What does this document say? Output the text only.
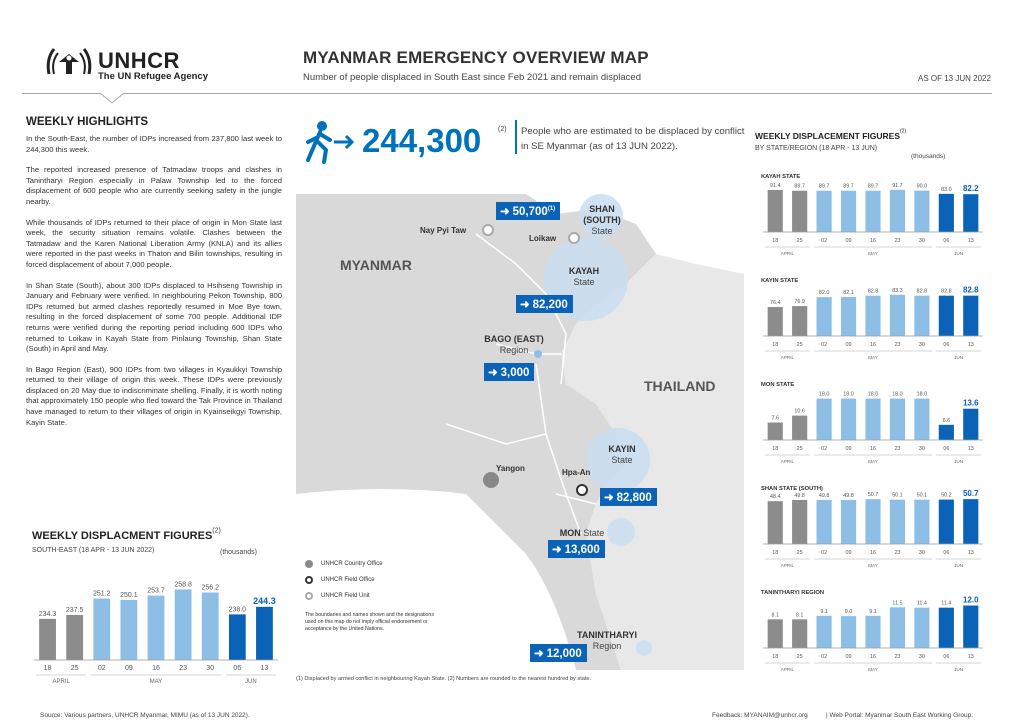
UNHCR
The UN Refugee Agency
MYANMAR EMERGENCY OVERVIEW MAP
Number of people displaced in South East since Feb 2021 and remain displaced	AS OF 13 JUN 2022
WEEKLY HIGHLIGHTS

In the South-East, the number of IDPs increased from 237,800 last week to 244,300 this week.

The reported increased presence of Tatmadaw troops and clashes in Tanintharyi Region especially in Palaw Township led to the forced displacement of 600 people who are currently seeking safety in the jungle nearby.

While thousands of IDPs returned to their place of origin in Mon State last week, the security situation remains volatile. Clashes between the Tatmadaw and the Karen National Liberation Army (KNLA) and its allies were reported in the past weeks in Thaton and Bilin townships, resulting in forced displacement of about 7,000 people.

In Shan State (South), about 300 IDPs displaced to Hsihseng Township in January and February were verified. In neighbouring Pekon Township, 800 IDPs returned but armed clashes reportedly resumed in Moe Bye town, resulting in the forced displacement of some 700 people. Additional IDP returns were verified during the reporting period including 600 IDPs who returned to Loikaw in Kayah State from Pinlaung Township, Shan State (South) in April and May.

In Bago Region (East), 900 IDPs from two villages in Kyaukkyi Township returned to their village of origin this week. These IDPs were previously displaced on 20 May due to indiscriminate shelling. Finally, it is worth noting that approximately 150 people who fled toward the Tak Province in Thailand have managed to return to their villages of origin in Kyainseikgyi Township, Kayin State.

WEEKLY DISPLACMENT FIGURES$^{(2)}$
SOUTH-EAST (18 APR - 13 JUN 2022)	(thousands)
234.3
18
237.5
25
251.2
02
250.1
09
253.7
16
258.8
23
256.2
30
238.0
06
244.3
13
APRIL	MAY	JUN
244,300 (2) People who are estimated to be displaced by conflict in SE Myanmar (as of 13 JUN 2022).
MYANMAR
THAILAND
Nay Pyi Taw
Loikaw
Yangon	Hpa-An
➜ 50,700$^{(1)}$	SHAN (SOUTH)
State
KAYAH
State
➜ 82,200
BAGO (EAST)
Region
➜ 3,000
KAYIN
State
➜ 82,800
MON State
➜ 13,600
TANINTHARYI
Region
➜ 12,000
UNHCR Country Office
UNHCR Field Office
UNHCR Field Unit
The boundaries and names shown and the designations used on this map do not imply official endorsement or acceptance by the United Nations.
(1) Displaced by armed conflict in neighbouring Kayah State. (2) Numbers are rounded to the nearest hundred by state.
WEEKLY DISPLACEMENT FIGURES$^{(2)}$
BY STATE/REGION (18 APR - 13 JUN)
(thousands)
91.4
18
89.7
25
89.7
02
89.7
09
89.7
16
91.7
23
90.0
30
83.0
06
82.2
13
APRIL	MAY	JUN
KAYAH STATE
76.4
18
76.9
25
82.0
02
82.1
09
82.8
16
83.3
23
82.8
30
82.8
06
82.8
13
APRIL	MAY	JUN
KAYIN STATE
7.6
18
10.6
25
18.0
02
18.0
09
18.0
16
18.0
23
18.0
30
6.6
06
13.6
13
APRIL	MAY	JUN
MON STATE
48.4
18
49.8
25
49.8
02
49.8
09
50.7
16
50.1
23
50.1
30
50.2
06
50.7
13
APRIL	MAY	JUN
SHAN STATE (SOUTH)
8.1
18
8.1
25
9.1
02
9.0
09
9.1
16
11.5
23
11.4
30
11.4
06
12.0
13
APRIL	MAY	JUN
TANINTHARYI REGION
Source: Various partners, UNHCR Myanmar, MIMU (as of 13 JUN 2022).	Feedback: MYANAIM@unhcr.org	| Web Portal: Myanmar South East Working Group.
